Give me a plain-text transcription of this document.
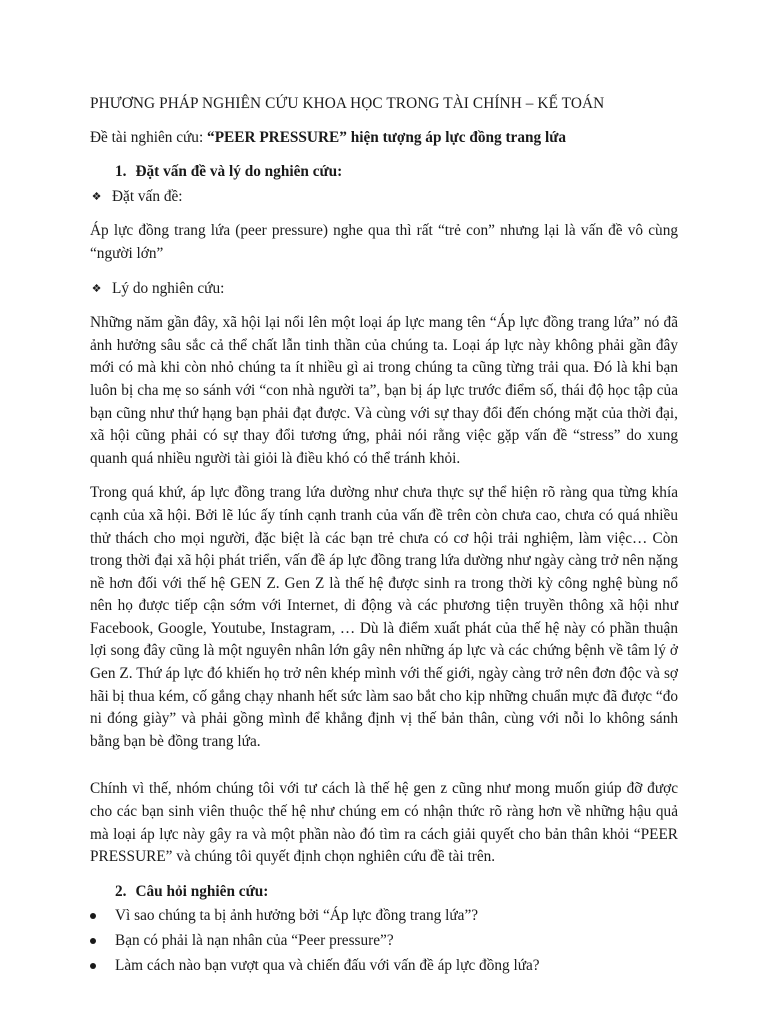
PHƯƠNG PHÁP NGHIÊN CỨU KHOA HỌC TRONG TÀI CHÍNH – KẾ TOÁN
Đề tài nghiên cứu: “PEER PRESSURE” hiện tượng áp lực đồng trang lứa
1. Đặt vấn đề và lý do nghiên cứu:
❖ Đặt vấn đề:

Áp lực đồng trang lứa (peer pressure) nghe qua thì rất “trẻ con” nhưng lại là vấn đề vô cùng “người lớn”

❖ Lý do nghiên cứu:

Những năm gần đây, xã hội lại nổi lên một loại áp lực mang tên “Áp lực đồng trang lứa” nó đã ảnh hưởng sâu sắc cả thể chất lẫn tinh thần của chúng ta. Loại áp lực này không phải gần đây mới có mà khi còn nhỏ chúng ta ít nhiều gì ai trong chúng ta cũng từng trải qua. Đó là khi bạn luôn bị cha mẹ so sánh với “con nhà người ta”, bạn bị áp lực trước điểm số, thái độ học tập của bạn cũng như thứ hạng bạn phải đạt được. Và cùng với sự thay đổi đến chóng mặt của thời đại, xã hội cũng phải có sự thay đổi tương ứng, phải nói rằng việc gặp vấn đề “stress” do xung quanh quá nhiều người tài giỏi là điều khó có thể tránh khỏi.

Trong quá khứ, áp lực đồng trang lứa dường như chưa thực sự thể hiện rõ ràng qua từng khía cạnh của xã hội. Bởi lẽ lúc ấy tính cạnh tranh của vấn đề trên còn chưa cao, chưa có quá nhiều thử thách cho mọi người, đặc biệt là các bạn trẻ chưa có cơ hội trải nghiệm, làm việc… Còn trong thời đại xã hội phát triển, vấn đề áp lực đồng trang lứa dường như ngày càng trở nên nặng nề hơn đối với thế hệ GEN Z. Gen Z là thế hệ được sinh ra trong thời kỳ công nghệ bùng nổ nên họ được tiếp cận sớm với Internet, di động và các phương tiện truyền thông xã hội như Facebook, Google, Youtube, Instagram, … Dù là điểm xuất phát của thế hệ này có phần thuận lợi song đây cũng là một nguyên nhân lớn gây nên những áp lực và các chứng bệnh về tâm lý ở Gen Z. Thứ áp lực đó khiến họ trở nên khép mình với thế giới, ngày càng trở nên đơn độc và sợ hãi bị thua kém, cố gắng chạy nhanh hết sức làm sao bắt cho kịp những chuẩn mực đã được “đo ni đóng giày” và phải gồng mình để khẳng định vị thế bản thân, cùng với nỗi lo không sánh bằng bạn bè đồng trang lứa.

Chính vì thế, nhóm chúng tôi với tư cách là thế hệ gen z cũng như mong muốn giúp đỡ được cho các bạn sinh viên thuộc thế hệ như chúng em có nhận thức rõ ràng hơn về những hậu quả mà loại áp lực này gây ra và một phần nào đó tìm ra cách giải quyết cho bản thân khỏi “PEER PRESSURE” và chúng tôi quyết định chọn nghiên cứu đề tài trên.

2. Câu hỏi nghiên cứu:
Vì sao chúng ta bị ảnh hưởng bởi “Áp lực đồng trang lứa”?
Bạn có phải là nạn nhân của “Peer pressure”?
Làm cách nào bạn vượt qua và chiến đấu với vấn đề áp lực đồng lứa?
